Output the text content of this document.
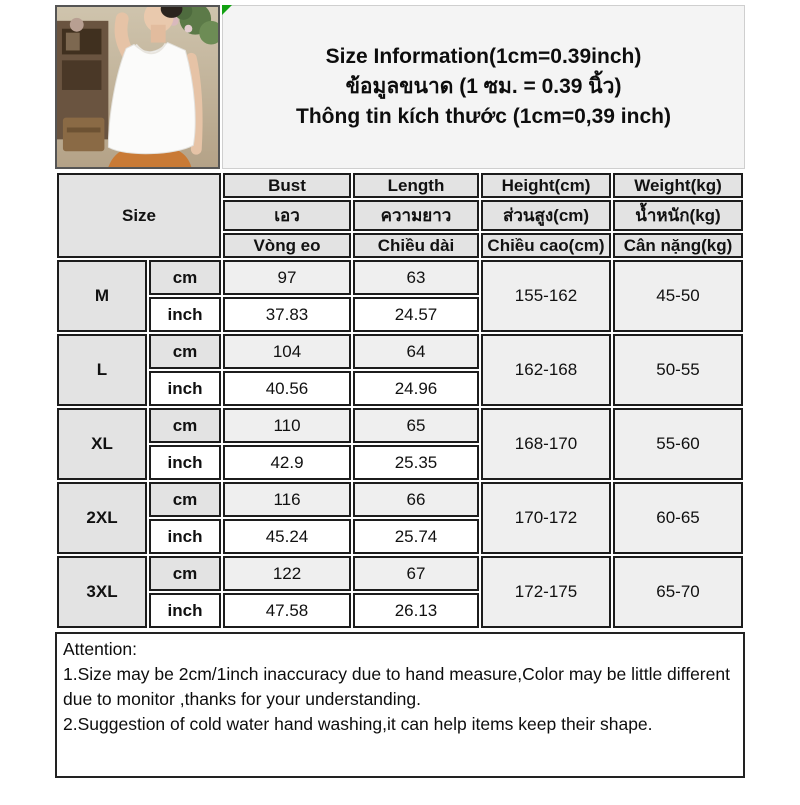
Size Information(1cm=0.39inch)
ข้อมูลขนาด (1 ซม. = 0.39 นิ้ว)
Thông tin kích thước (1cm=0,39 inch)
Size		Bust	Length	Height(cm)	Weight(kg)
		เอว	ความยาว	ส่วนสูง(cm)	น้ำหนัก(kg)
		Vòng eo	Chiều dài	Chiều cao(cm)	Cân nặng(kg)
M	cm	97	63	155-162	45-50
	inch	37.83	24.57		
L	cm	104	64	162-168	50-55
	inch	40.56	24.96		
XL	cm	110	65	168-170	55-60
	inch	42.9	25.35		
2XL	cm	116	66	170-172	60-65
	inch	45.24	25.74		
3XL	cm	122	67	172-175	65-70
	inch	47.58	26.13		

Attention:

1.Size may be 2cm/1inch inaccuracy due to hand measure,Color may be little different due to monitor ,thanks for your understanding.

2.Suggestion of cold water hand washing,it can help items keep their shape.
